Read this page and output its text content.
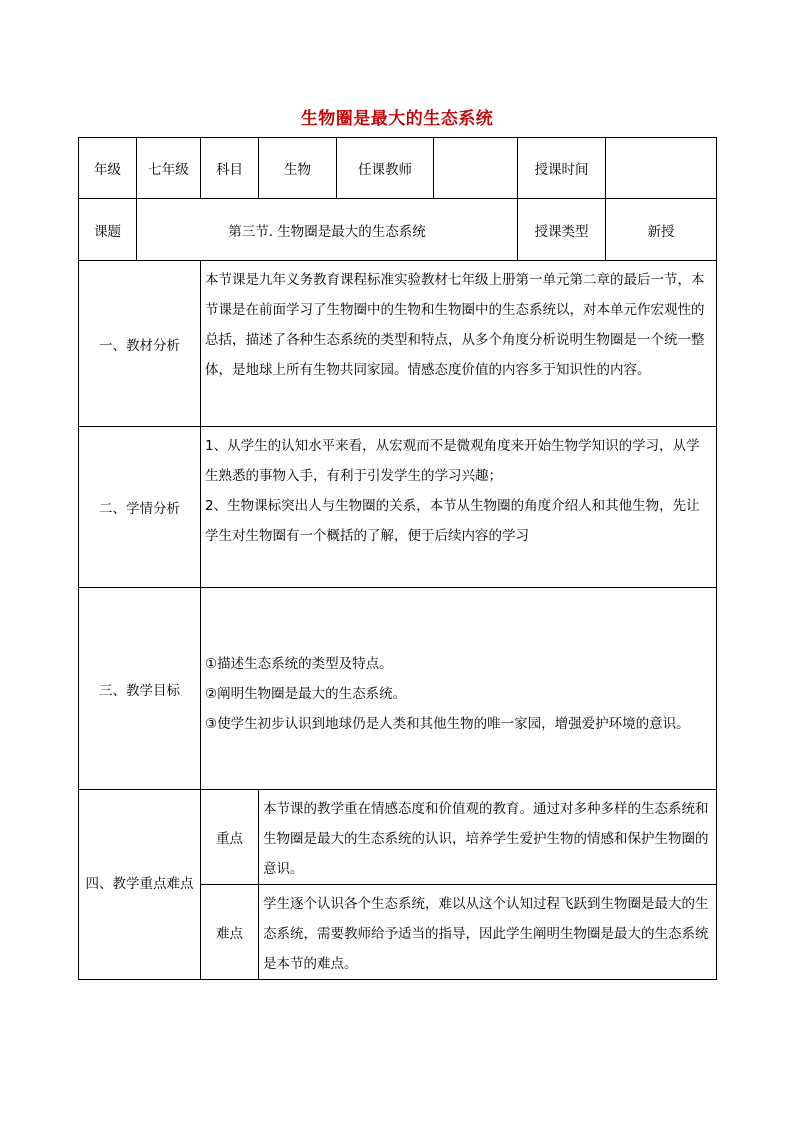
生物圈是最大的生态系统
年级	七年级	科目	生物	任课教师		授课时间	
课题	第三节. 生物圈是最大的生态系统					授课类型	新授
一、教材分析		本节课是九年义务教育课程标准实验教材七年级上册第一单元第二章的最后一节，本节课是在前面学习了生物圈中的生物和生物圈中的生态系统以，对本单元作宏观性的总括，描述了各种生态系统的类型和特点，从多个角度分析说明生物圈是一个统一整体，是地球上所有生物共同家园。情感态度价值的内容多于知识性的内容。					

二、学情分析		1、从学生的认知水平来看，从宏观而不是微观角度来开始生物学知识的学习，从学生熟悉的事物入手，有利于引发学生的学习兴趣；

2、生物课标突出人与生物圈的关系，本节从生物圈的角度介绍人和其他生物，先让学生对生物圈有一个概括的了解，便于后续内容的学习					

三、教学目标		①描述生态系统的类型及特点。

②阐明生物圈是最大的生态系统。

③使学生初步认识到地球仍是人类和其他生物的唯一家园，增强爱护环境的意识。					

四、教学重点难点		重点	本节课的教学重在情感态度和价值观的教育。通过对多种多样的生态系统和生物圈是最大的生态系统的认识，培养学生爱护生物的情感和保护生物圈的意识。				

		难点	学生逐个认识各个生态系统，难以从这个认知过程飞跃到生物圈是最大的生态系统，需要教师给予适当的指导，因此学生阐明生物圈是最大的生态系统是本节的难点。				
